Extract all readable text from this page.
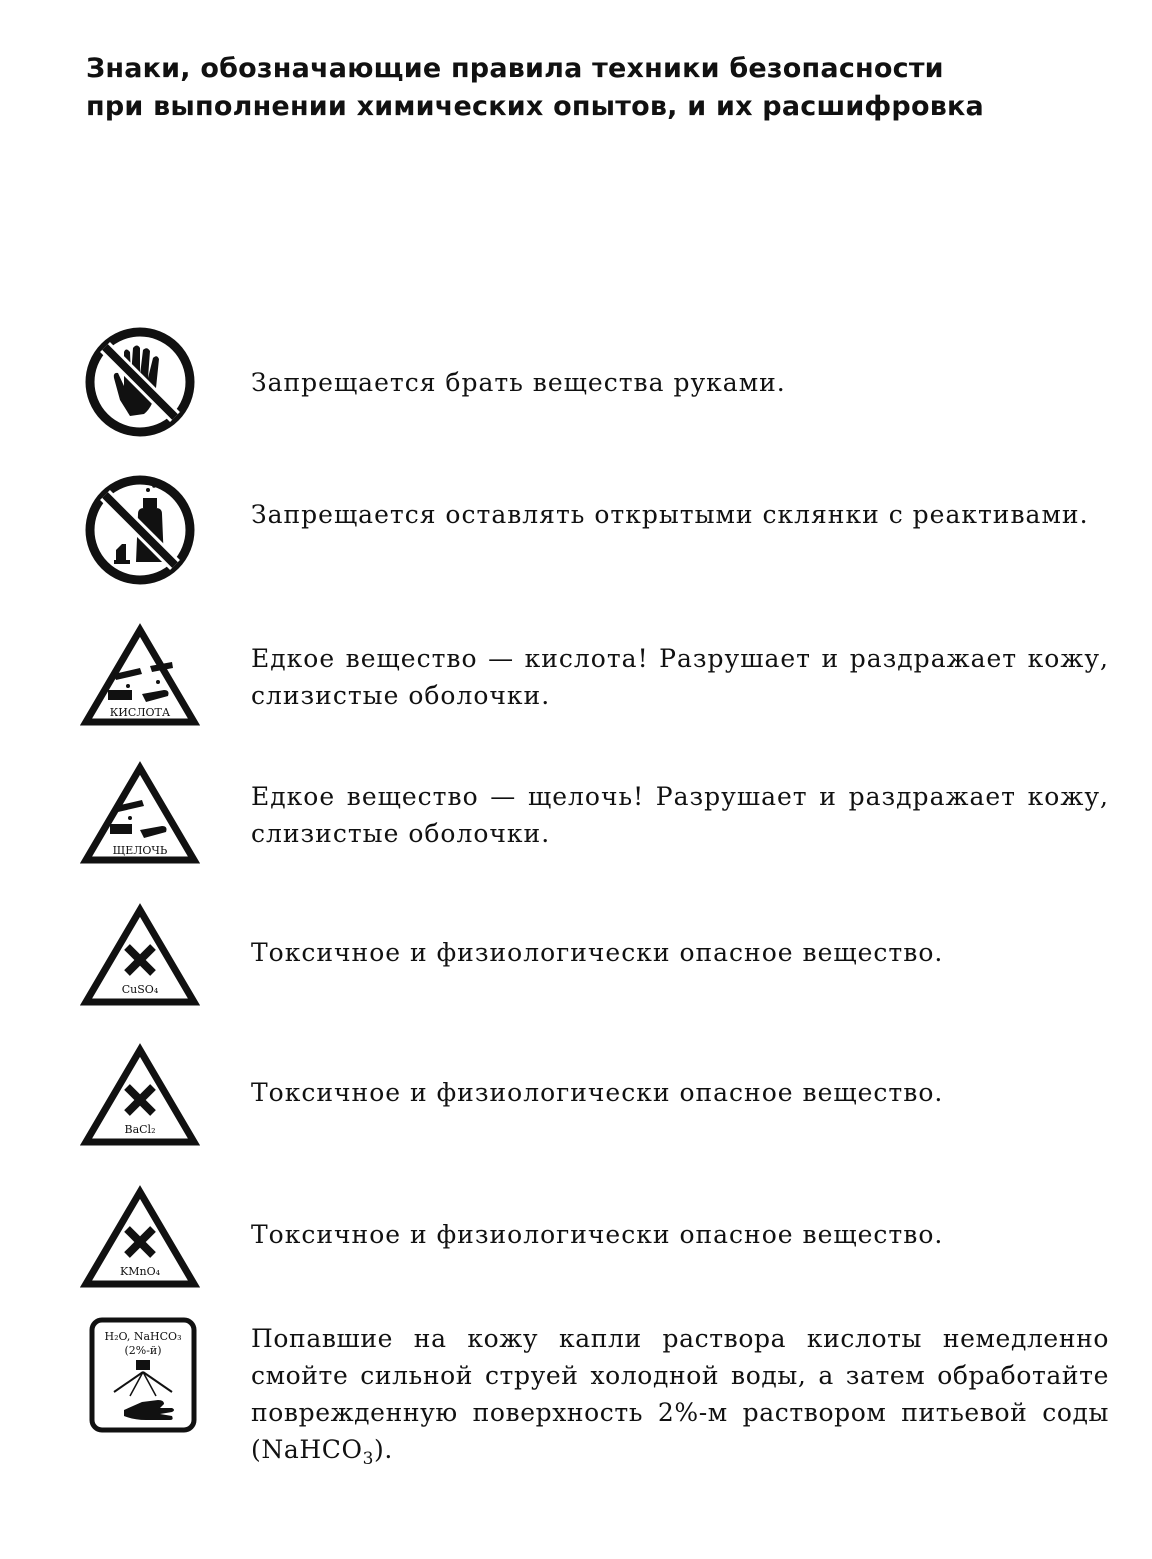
Знаки, обозначающие правила техники безопасности
при выполнении химических опытов, и их расшифровка
Запрещается брать вещества руками.
Запрещается оставлять открытыми склянки с реактивами.
КИСЛОТА
Едкое вещество — кислота! Разрушает и раздражает кожу, слизистые оболочки.
ЩЕЛОЧЬ
Едкое вещество — щелочь! Разрушает и раздражает кожу, слизистые оболочки.
CuSO₄
Токсичное и физиологически опасное вещество.
BaCl₂
Токсичное и физиологически опасное вещество.
KMnO₄
Токсичное и физиологически опасное вещество.
H₂O, NaHCO₃
(2%-й)	Попавшие на кожу капли раствора кислоты немедленно смойте сильной струей холодной воды, а затем обработайте поврежденную поверхность 2%-м раствором питьевой соды (NaHCO$_3$).
